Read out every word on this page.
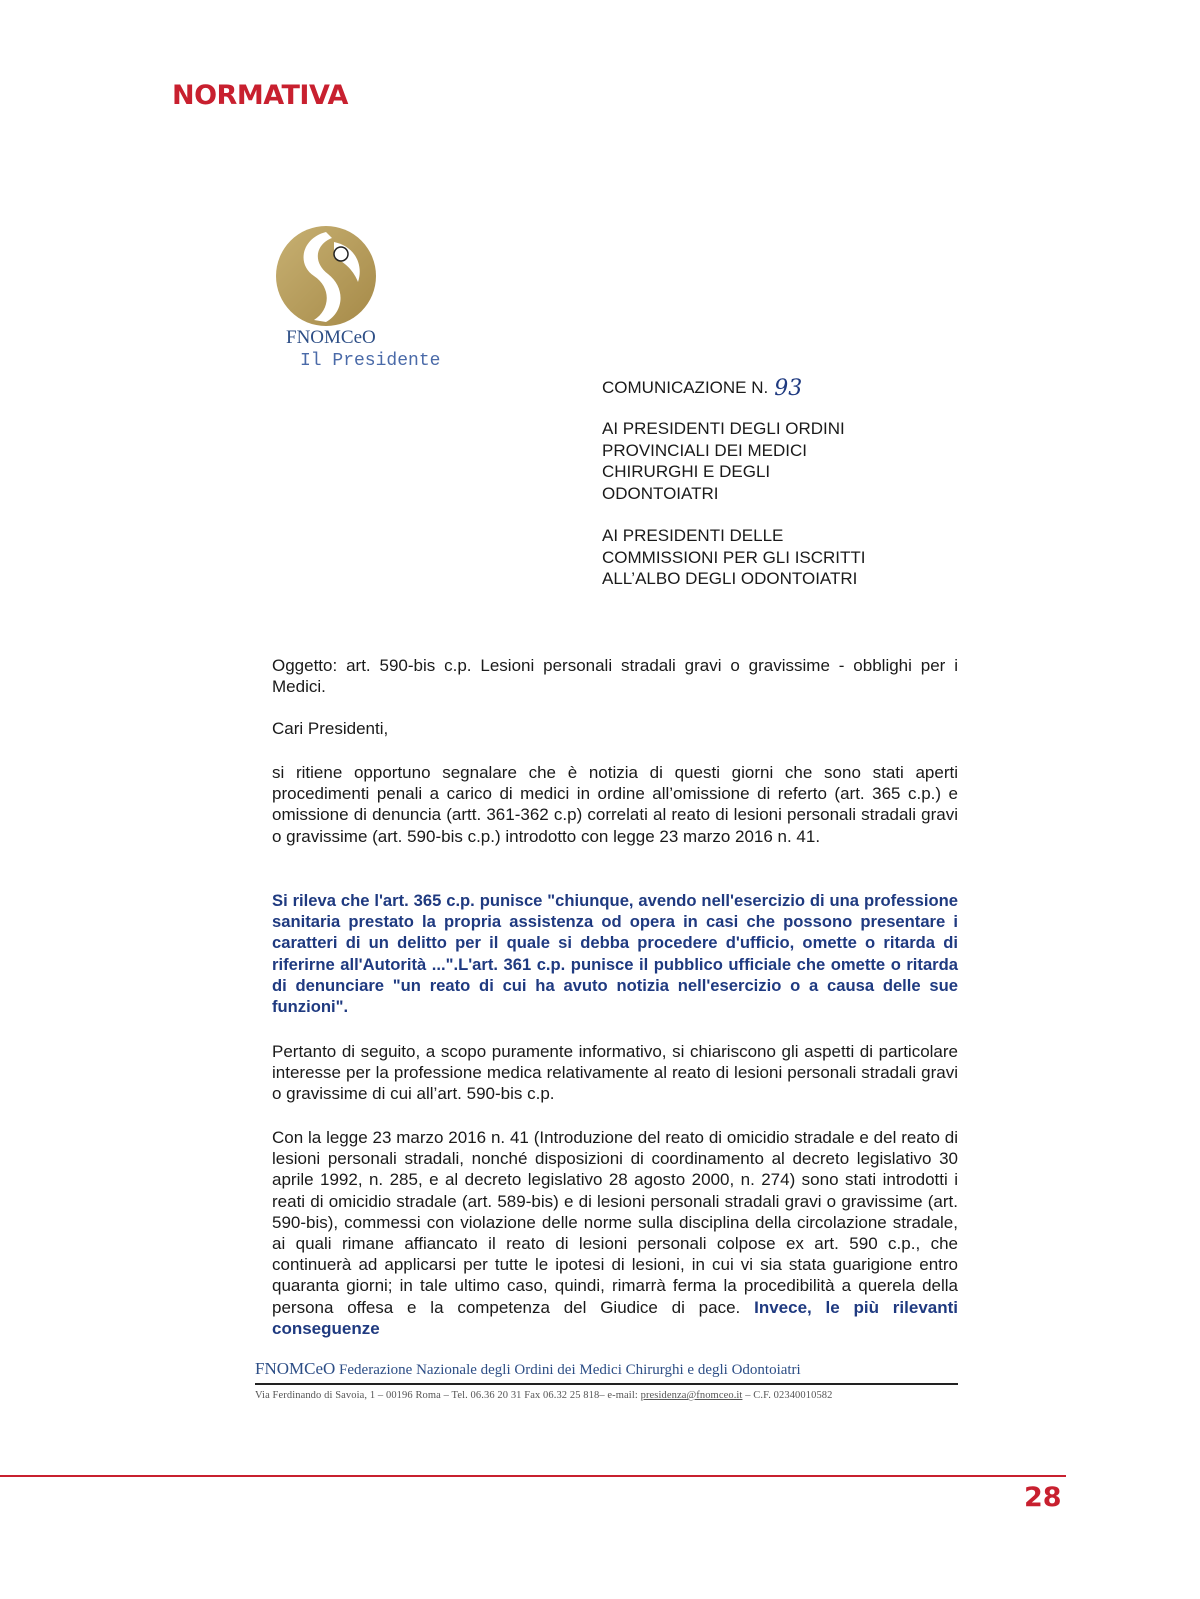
NORMATIVA
FNOMCeO
Il Presidente
COMUNICAZIONE N. 93
AI PRESIDENTI DEGLI ORDINI
PROVINCIALI DEI MEDICI
CHIRURGHI E DEGLI
ODONTOIATRI
AI PRESIDENTI DELLE
COMMISSIONI PER GLI ISCRITTI
ALL’ALBO DEGLI ODONTOIATRI
Oggetto: art. 590-bis c.p. Lesioni personali stradali gravi o gravissime - obblighi per i Medici.
Cari Presidenti,
si ritiene opportuno segnalare che è notizia di questi giorni che sono stati aperti procedimenti penali a carico di medici in ordine all’omissione di referto (art. 365 c.p.) e omissione di denuncia (artt. 361-362 c.p) correlati al reato di lesioni personali stradali gravi o gravissime (art. 590-bis c.p.) introdotto con legge 23 marzo 2016 n. 41.
Si rileva che l'art. 365 c.p. punisce "chiunque, avendo nell'esercizio di una professione sanitaria prestato la propria assistenza od opera in casi che possono presentare i caratteri di un delitto per il quale si debba procedere d'ufficio, omette o ritarda di riferirne all'Autorità ...".L'art. 361 c.p. punisce il pubblico ufficiale che omette o ritarda di denunciare "un reato di cui ha avuto notizia nell'esercizio o a causa delle sue funzioni".
Pertanto di seguito, a scopo puramente informativo, si chiariscono gli aspetti di particolare interesse per la professione medica relativamente al reato di lesioni personali stradali gravi o gravissime di cui all’art. 590-bis c.p.
Con la legge 23 marzo 2016 n. 41 (Introduzione del reato di omicidio stradale e del reato di lesioni personali stradali, nonché disposizioni di coordinamento al decreto legislativo 30 aprile 1992, n. 285, e al decreto legislativo 28 agosto 2000, n. 274) sono stati introdotti i reati di omicidio stradale (art. 589-bis) e di lesioni personali stradali gravi o gravissime (art. 590-bis), commessi con violazione delle norme sulla disciplina della circolazione stradale, ai quali rimane affiancato il reato di lesioni personali colpose ex art. 590 c.p., che continuerà ad applicarsi per tutte le ipotesi di lesioni, in cui vi sia stata guarigione entro quaranta giorni; in tale ultimo caso, quindi, rimarrà ferma la procedibilità a querela della persona offesa e la competenza del Giudice di pace. Invece, le più rilevanti conseguenze
FNOMCeO Federazione Nazionale degli Ordini dei Medici Chirurghi e degli Odontoiatri
Via Ferdinando di Savoia, 1 – 00196 Roma – Tel. 06.36 20 31 Fax 06.32 25 818– e-mail: presidenza@fnomceo.it – C.F. 02340010582
28
